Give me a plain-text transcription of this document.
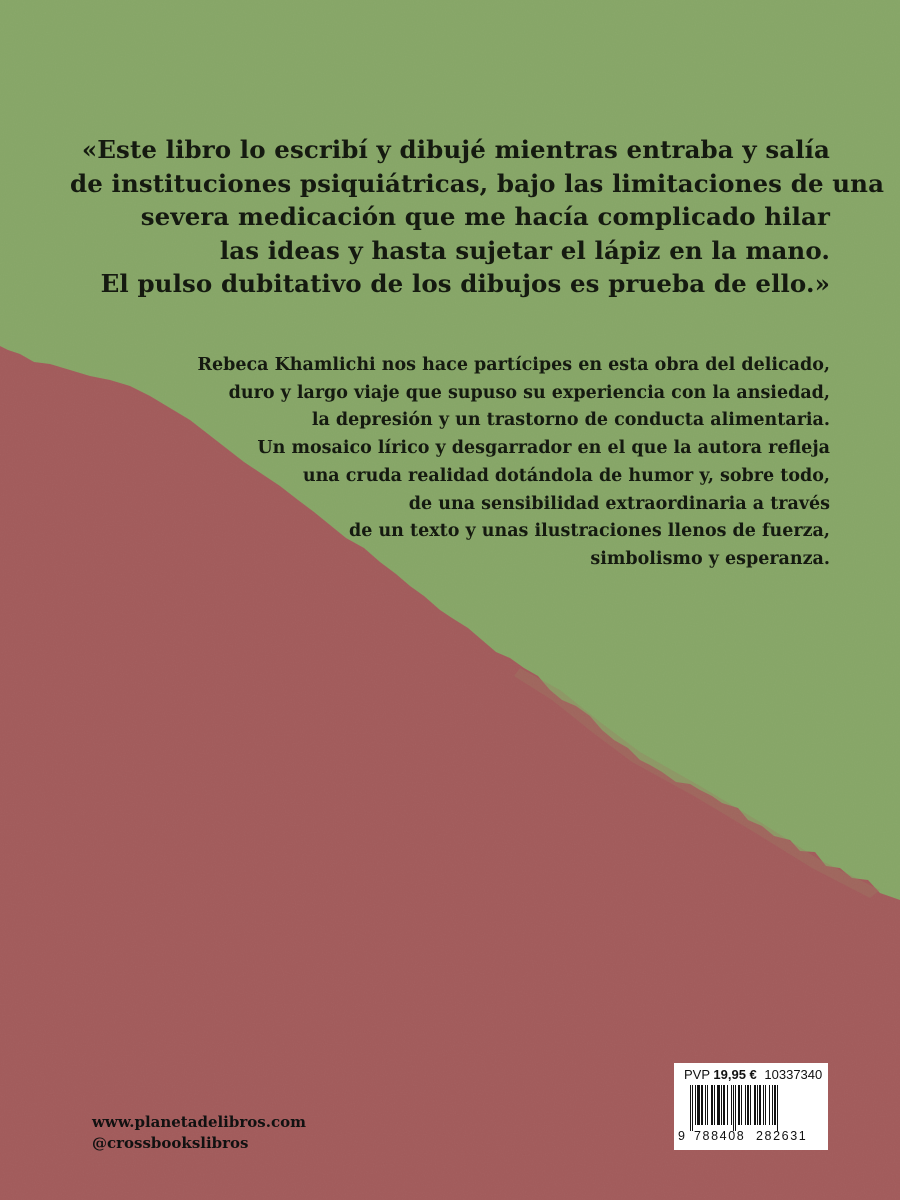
«Este libro lo escribí y dibujé mientras entraba y salía
de instituciones psiquiátricas, bajo las limitaciones de una
severa medicación que me hacía complicado hilar
las ideas y hasta sujetar el lápiz en la mano.
El pulso dubitativo de los dibujos es prueba de ello.»
Rebeca Khamlichi nos hace partícipes en esta obra del delicado,
duro y largo viaje que supuso su experiencia con la ansiedad,
la depresión y un trastorno de conducta alimentaria.
Un mosaico lírico y desgarrador en el que la autora refleja
una cruda realidad dotándola de humor y, sobre todo,
de una sensibilidad extraordinaria a través
de un texto y unas ilustraciones llenos de fuerza,
simbolismo y esperanza.
www.planetadelibros.com
@crossbookslibros
PVP 19,95 € 10337340
9 788408 282631
